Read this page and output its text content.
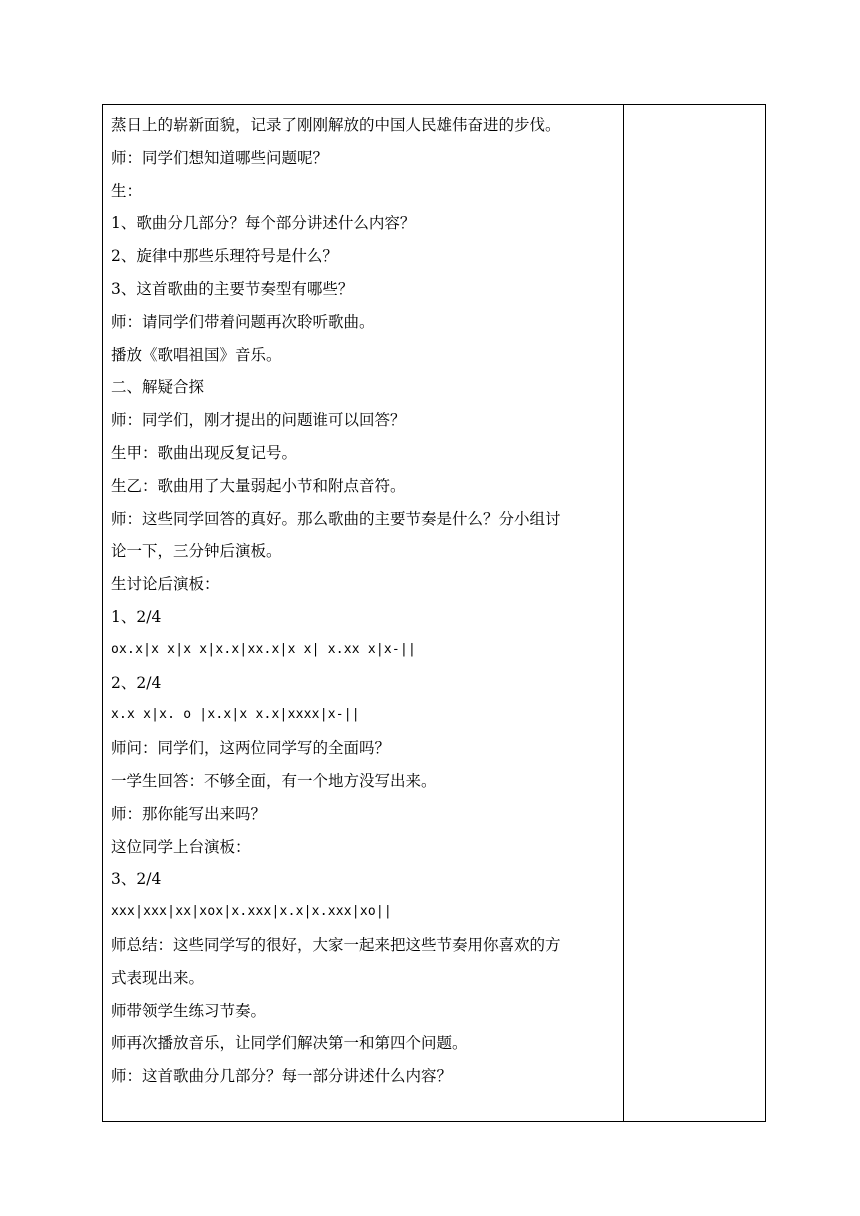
蒸日上的崭新面貌，记录了刚刚解放的中国人民雄伟奋进的步伐。
师：同学们想知道哪些问题呢？
生：
1、歌曲分几部分？每个部分讲述什么内容？
2、旋律中那些乐理符号是什么？
3、这首歌曲的主要节奏型有哪些？
师：请同学们带着问题再次聆听歌曲。
播放《歌唱祖国》音乐。
二、解疑合探
师：同学们，刚才提出的问题谁可以回答？
生甲：歌曲出现反复记号。
生乙：歌曲用了大量弱起小节和附点音符。
师：这些同学回答的真好。那么歌曲的主要节奏是什么？分小组讨
论一下，三分钟后演板。
生讨论后演板：
1、2/4
ox.x|x x|x x|x.x|xx.x|x x| x.xx x|x-||
2、2/4
x.x x|x. o |x.x|x x.x|xxxx|x-||
师问：同学们，这两位同学写的全面吗？
一学生回答：不够全面，有一个地方没写出来。
师：那你能写出来吗？
这位同学上台演板：
3、2/4
xxx|xxx|xx|xox|x.xxx|x.x|x.xxx|xo||
师总结：这些同学写的很好，大家一起来把这些节奏用你喜欢的方
式表现出来。
师带领学生练习节奏。
师再次播放音乐，让同学们解决第一和第四个问题。
师：这首歌曲分几部分？每一部分讲述什么内容？
